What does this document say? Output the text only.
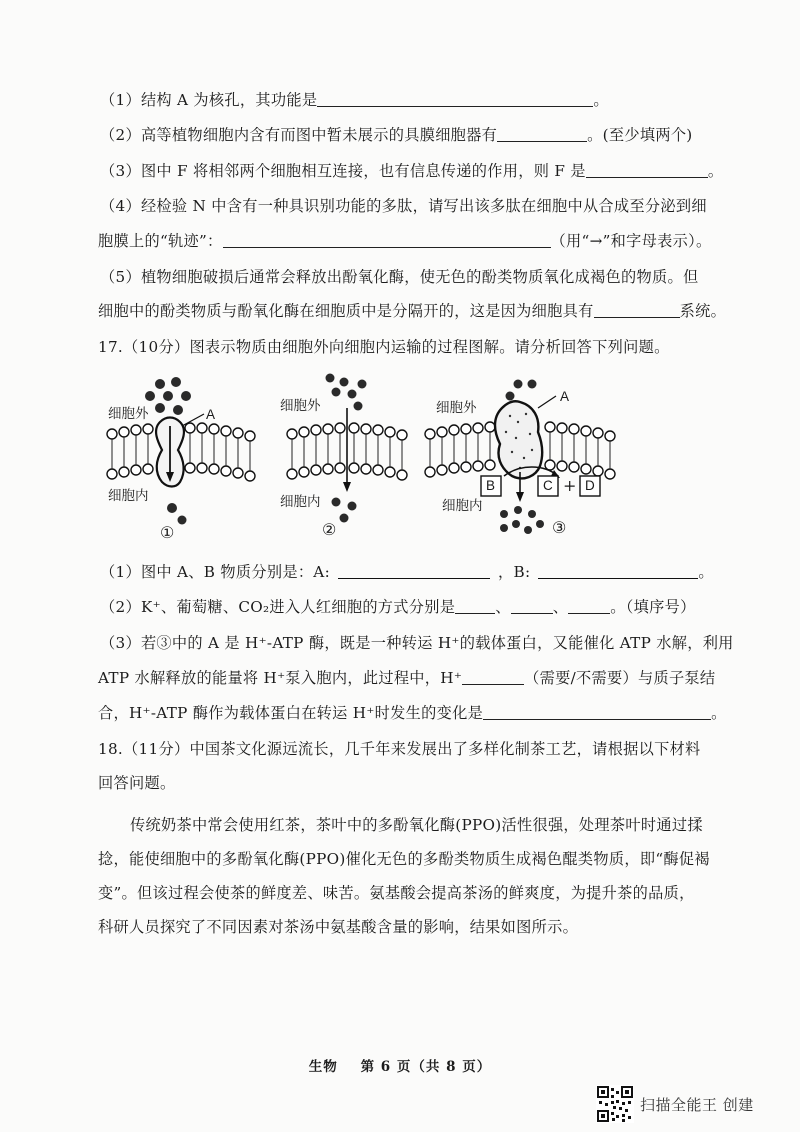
（1）结构 A 为核孔，其功能是	。
（2）高等植物细胞内含有而图中暂未展示的具膜细胞器有	。(至少填两个)
（3）图中 F 将相邻两个细胞相互连接，也有信息传递的作用，则 F 是	。
（4）经检验 N 中含有一种具识别功能的多肽，请写出该多肽在细胞中从合成至分泌到细
胞膜上的“轨迹”：	（用“→”和字母表示）。
（5）植物细胞破损后通常会释放出酚氧化酶，使无色的酚类物质氧化成褐色的物质。但
细胞中的酚类物质与酚氧化酶在细胞质中是分隔开的，这是因为细胞具有	系统。
17.（10分）图表示物质由细胞外向细胞内运输的过程图解。请分析回答下列问题。
细胞外	A
细胞内
①
细胞外
细胞内
②
细胞外
A
B	C + D
细胞内
③
（1）图中 A、B 物质分别是：A:	，B:	。
（2）K⁺、葡萄糖、CO₂进入人红细胞的方式分别是	、	、	。（填序号）
（3）若③中的 A 是 H⁺-ATP 酶，既是一种转运 H⁺的载体蛋白，又能催化 ATP 水解，利用
ATP 水解释放的能量将 H⁺泵入胞内，此过程中，H⁺	（需要/不需要）与质子泵结
合，H⁺-ATP 酶作为载体蛋白在转运 H⁺时发生的变化是	。
18.（11分）中国茶文化源远流长，几千年来发展出了多样化制茶工艺，请根据以下材料
回答问题。
传统奶茶中常会使用红茶，茶叶中的多酚氧化酶(PPO)活性很强，处理茶叶时通过揉
捻，能使细胞中的多酚氧化酶(PPO)催化无色的多酚类物质生成褐色醌类物质，即“酶促褐
变”。但该过程会使茶的鲜度差、味苦。氨基酸会提高茶汤的鲜爽度，为提升茶的品质，
科研人员探究了不同因素对茶汤中氨基酸含量的影响，结果如图所示。
生物 第 6 页（共 8 页）
扫描全能王 创建
